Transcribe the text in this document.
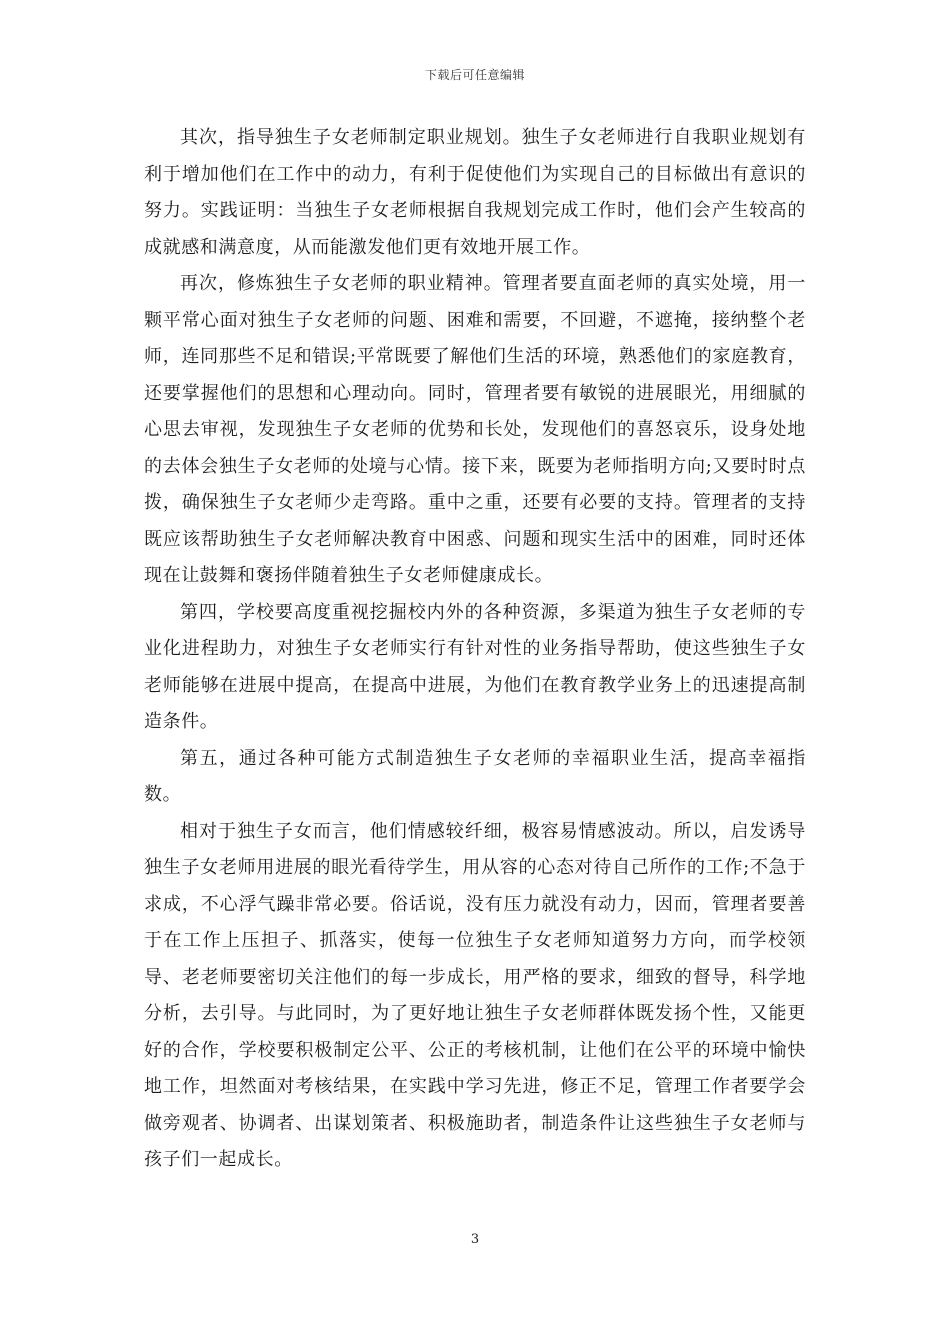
下载后可任意编辑

其次，指导独生子女老师制定职业规划。独生子女老师进行自我职业规划有利于增加他们在工作中的动力，有利于促使他们为实现自己的目标做出有意识的努力。实践证明：当独生子女老师根据自我规划完成工作时，他们会产生较高的成就感和满意度，从而能激发他们更有效地开展工作。

再次，修炼独生子女老师的职业精神。管理者要直面老师的真实处境，用一颗平常心面对独生子女老师的问题、困难和需要，不回避，不遮掩，接纳整个老师，连同那些不足和错误;平常既要了解他们生活的环境，熟悉他们的家庭教育，还要掌握他们的思想和心理动向。同时，管理者要有敏锐的进展眼光，用细腻的心思去审视，发现独生子女老师的优势和长处，发现他们的喜怒哀乐，设身处地的去体会独生子女老师的处境与心情。接下来，既要为老师指明方向;又要时时点拨，确保独生子女老师少走弯路。重中之重，还要有必要的支持。管理者的支持既应该帮助独生子女老师解决教育中困惑、问题和现实生活中的困难，同时还体现在让鼓舞和褒扬伴随着独生子女老师健康成长。

第四，学校要高度重视挖掘校内外的各种资源，多渠道为独生子女老师的专业化进程助力，对独生子女老师实行有针对性的业务指导帮助，使这些独生子女老师能够在进展中提高，在提高中进展，为他们在教育教学业务上的迅速提高制造条件。

第五，通过各种可能方式制造独生子女老师的幸福职业生活，提高幸福指数。

相对于独生子女而言，他们情感较纤细，极容易情感波动。所以，启发诱导独生子女老师用进展的眼光看待学生，用从容的心态对待自己所作的工作;不急于求成，不心浮气躁非常必要。俗话说，没有压力就没有动力，因而，管理者要善于在工作上压担子、抓落实，使每一位独生子女老师知道努力方向，而学校领导、老老师要密切关注他们的每一步成长，用严格的要求，细致的督导，科学地分析，去引导。与此同时，为了更好地让独生子女老师群体既发扬个性，又能更好的合作，学校要积极制定公平、公正的考核机制，让他们在公平的环境中愉快地工作，坦然面对考核结果，在实践中学习先进，修正不足，管理工作者要学会做旁观者、协调者、出谋划策者、积极施助者，制造条件让这些独生子女老师与孩子们一起成长。

3
